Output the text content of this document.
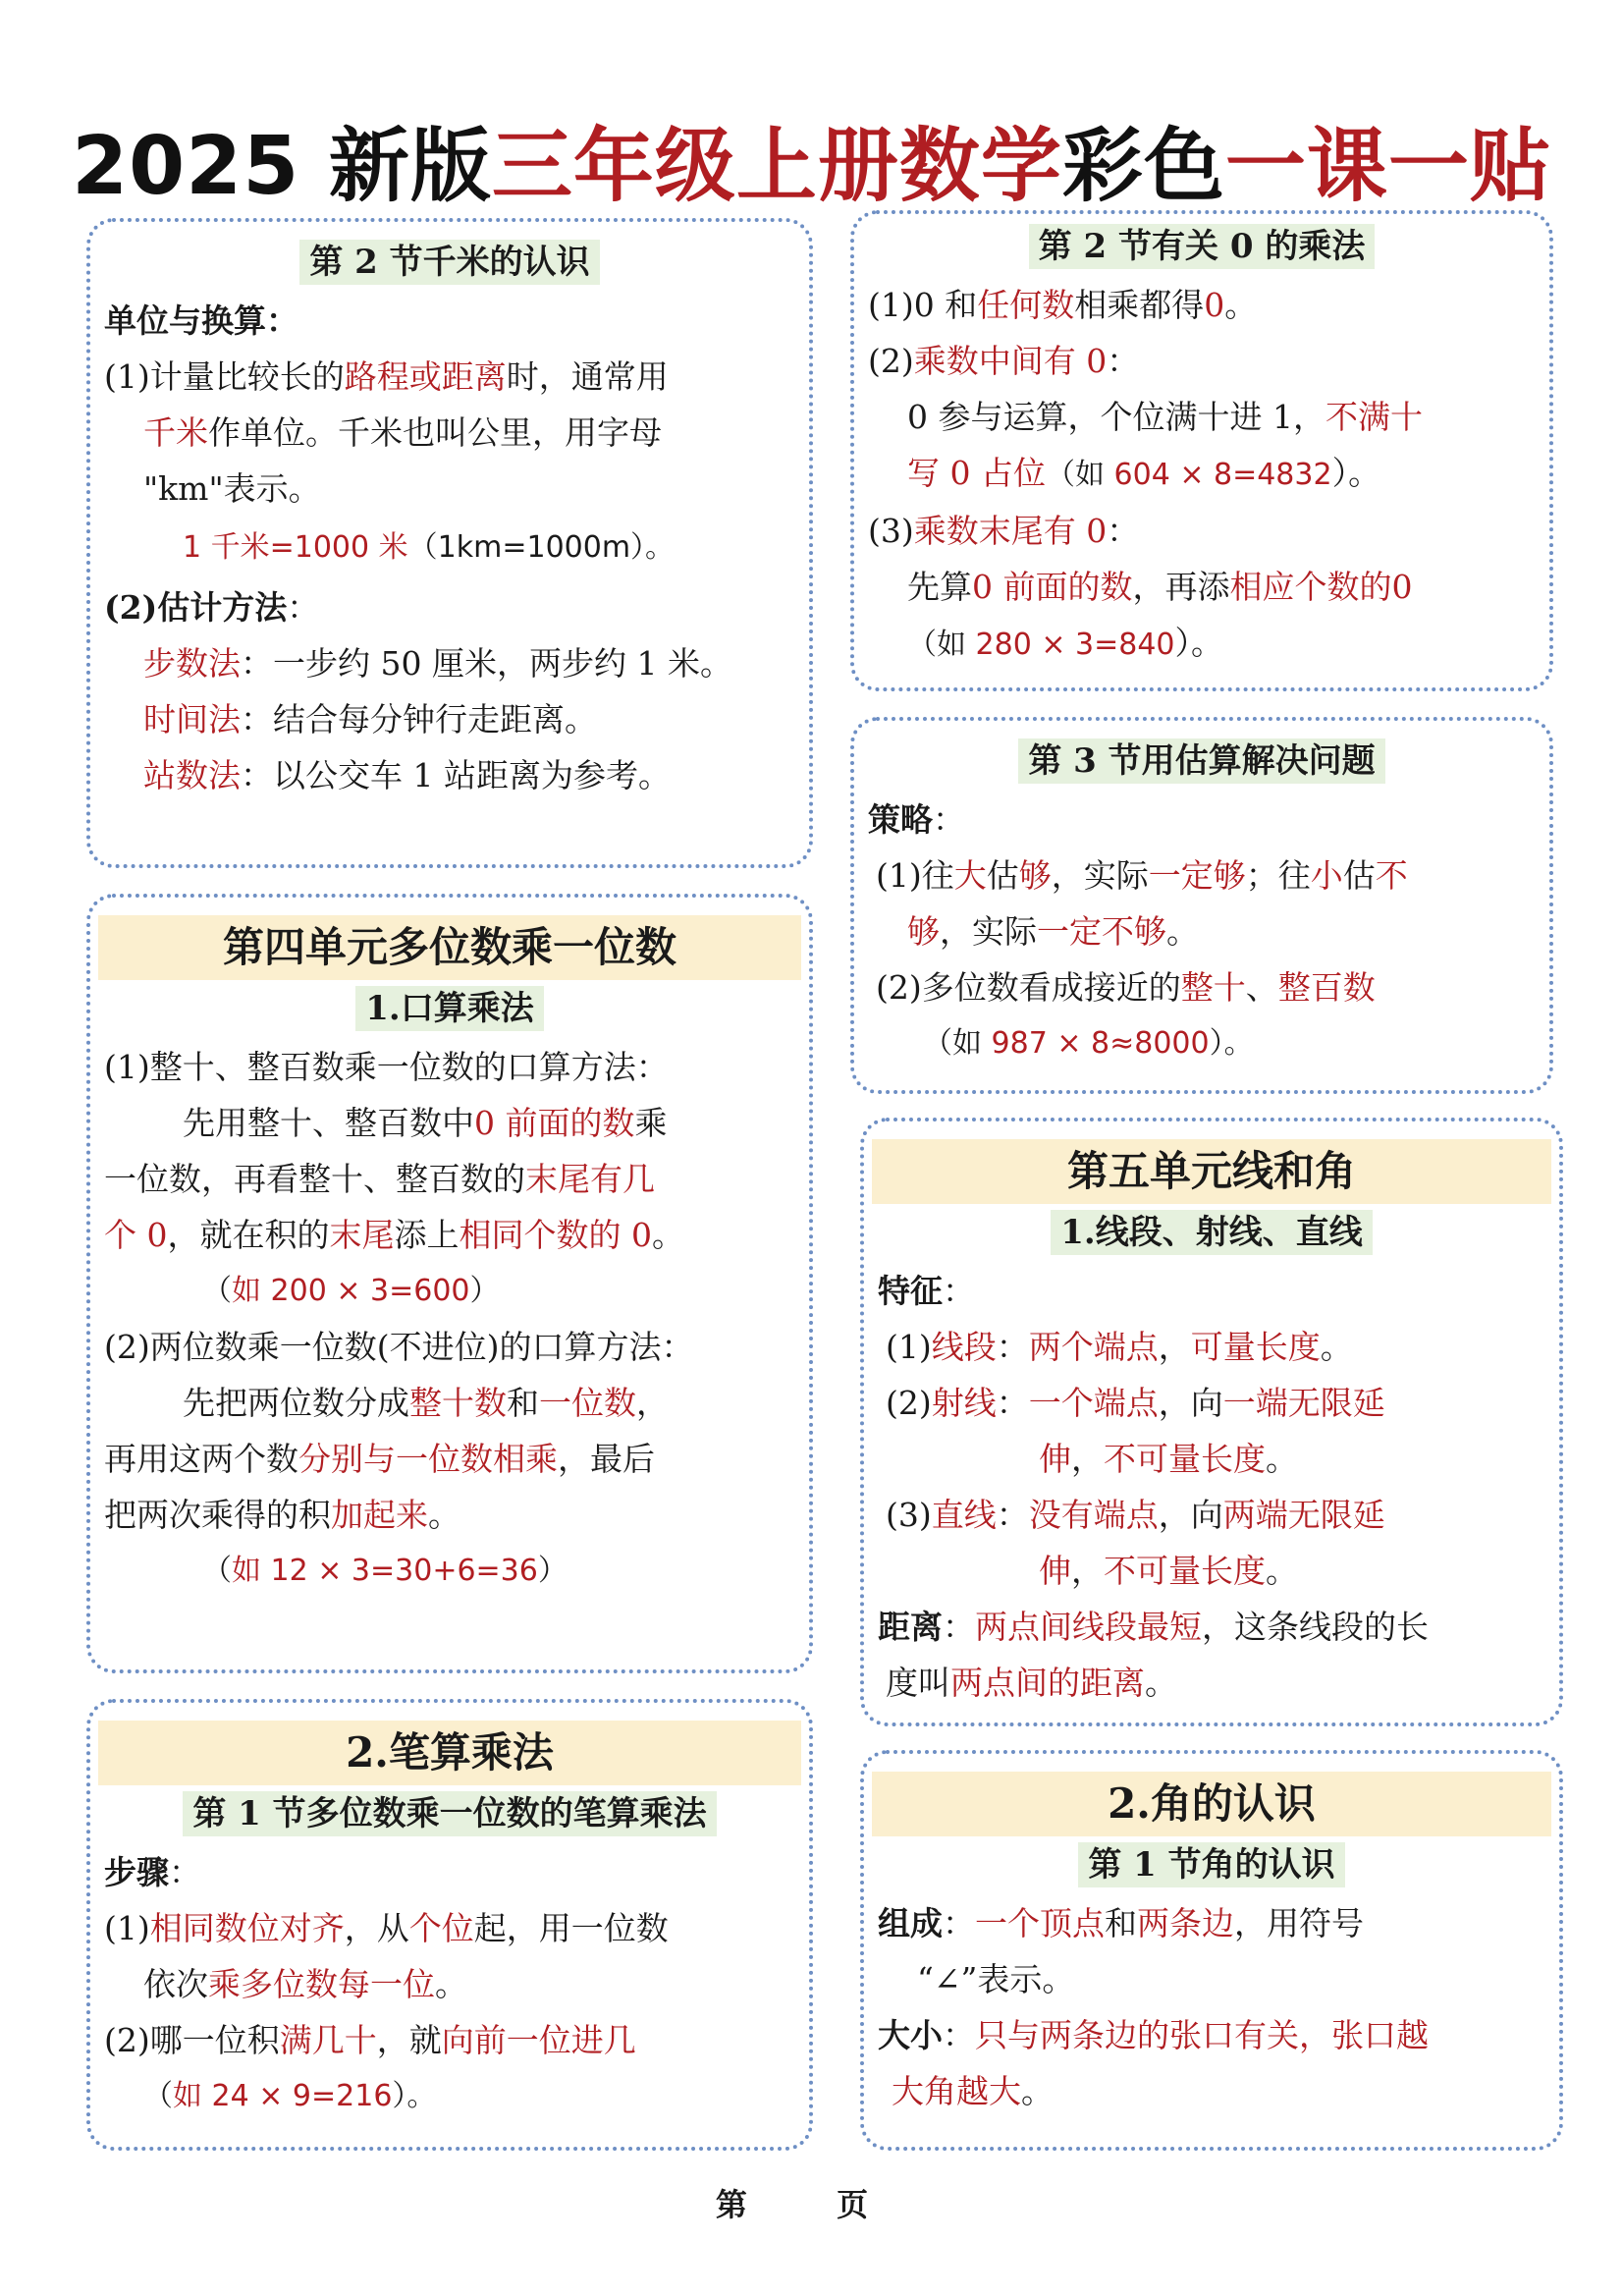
2025 新版三年级上册数学彩色一课一贴
第 2 节千米的认识

单位与换算：

(1)计量比较长的路程或距离时，通常用

千米作单位。千米也叫公里，用字母

"km"表示。

1 千米=1000 米（1km=1000m）。

(2)估计方法：

步数法：一步约 50 厘米，两步约 1 米。

时间法：结合每分钟行走距离。

站数法：以公交车 1 站距离为参考。

第四单元多位数乘一位数
1.口算乘法

(1)整十、整百数乘一位数的口算方法：

先用整十、整百数中0 前面的数乘

一位数，再看整十、整百数的末尾有几

个 0，就在积的末尾添上相同个数的 0。

（如 200 × 3=600）

(2)两位数乘一位数(不进位)的口算方法：

先把两位数分成整十数和一位数，

再用这两个数分别与一位数相乘，最后

把两次乘得的积加起来。

（如 12 × 3=30+6=36）

2.笔算乘法
第 1 节多位数乘一位数的笔算乘法

步骤：

(1)相同数位对齐，从个位起，用一位数

依次乘多位数每一位。

(2)哪一位积满几十，就向前一位进几

（如 24 × 9=216）。

第 2 节有关 0 的乘法

(1)0 和任何数相乘都得0。

(2)乘数中间有 0：

0 参与运算，个位满十进 1，不满十

写 0 占位（如 604 × 8=4832）。

(3)乘数末尾有 0：

先算0 前面的数，再添相应个数的0

（如 280 × 3=840）。

第 3 节用估算解决问题

策略：

(1)往大估够，实际一定够；往小估不

够，实际一定不够。

(2)多位数看成接近的整十、整百数

（如 987 × 8≈8000）。

第五单元线和角
1.线段、射线、直线

特征：

(1)线段：两个端点，可量长度。

(2)射线：一个端点，向一端无限延

伸，不可量长度。

(3)直线：没有端点，向两端无限延

伸，不可量长度。

距离：两点间线段最短，这条线段的长

度叫两点间的距离。

2.角的认识
第 1 节角的认识

组成：一个顶点和两条边，用符号

“∠”表示。

大小：只与两条边的张口有关，张口越

大角越大。

第 页
